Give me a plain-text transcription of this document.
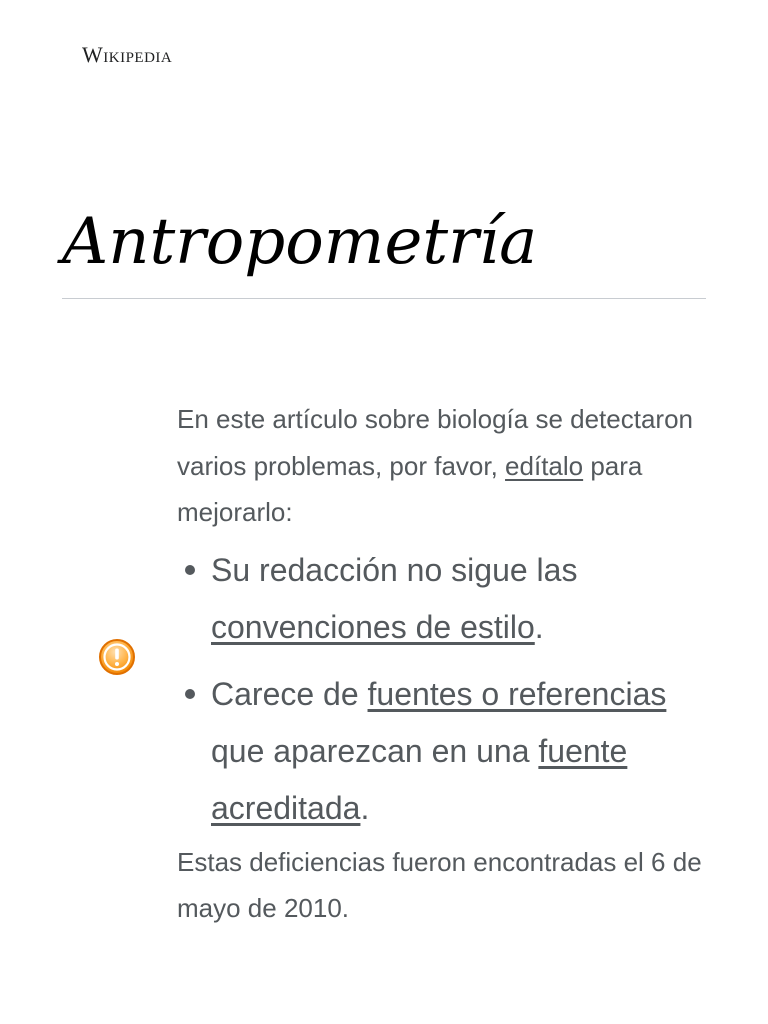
Wikipedia
Antropometría

En este artículo sobre biología se detectaron varios problemas, por favor, edítalo para mejorarlo:

Su redacción no sigue las convenciones de estilo.
Carece de fuentes o referencias que aparezcan en una fuente acreditada.

Estas deficiencias fueron encontradas el 6 de mayo de 2010.
